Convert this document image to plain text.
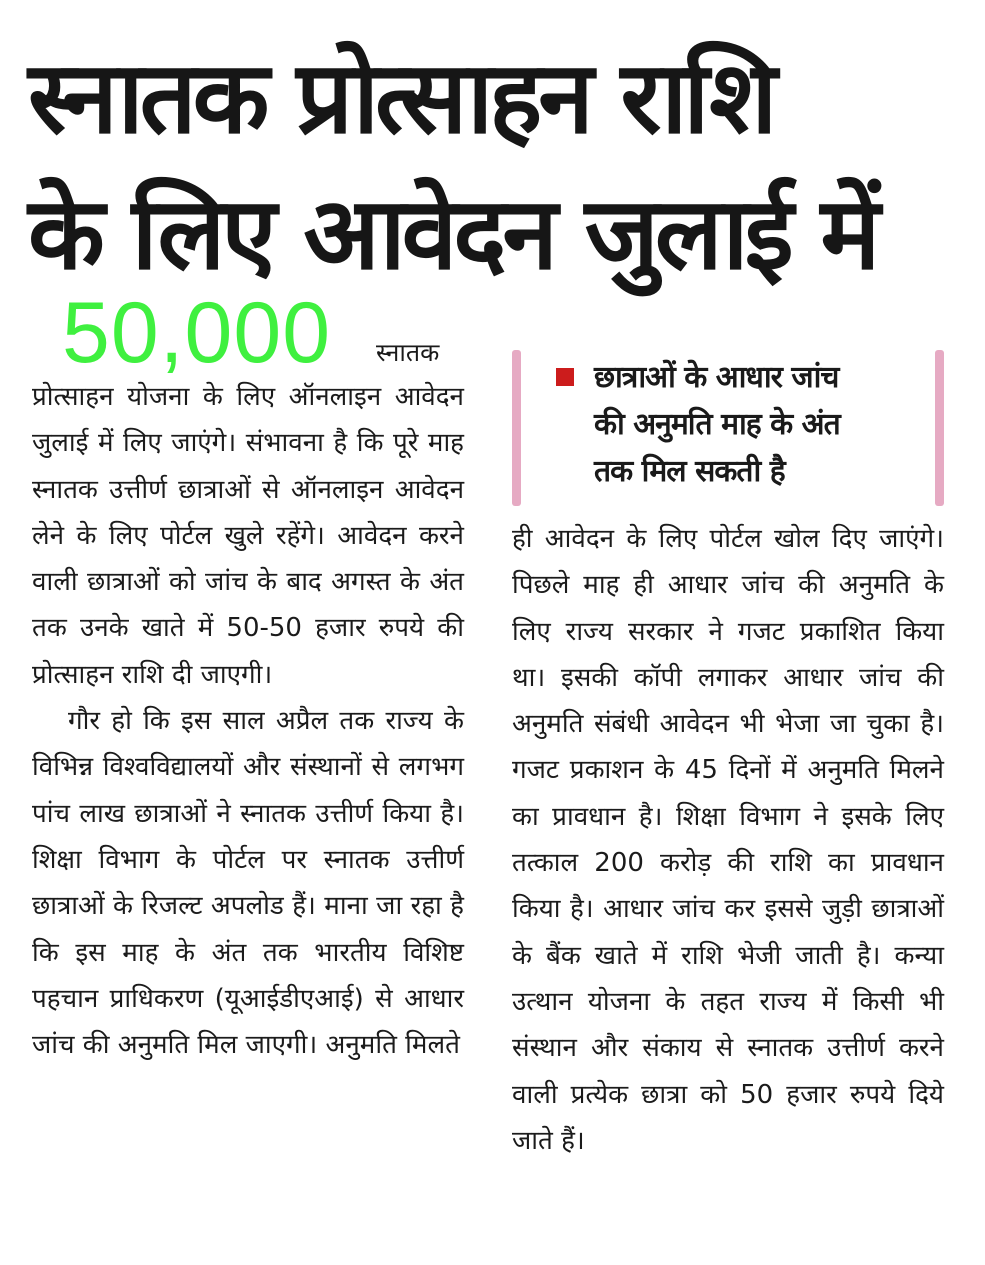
स्नातक प्रोत्साहन राशि
के लिए आवेदन जुलाई में
50,000 स्नातक

प्रोत्साहन योजना के लिए ऑनलाइन आवेदन जुलाई में लिए जाएंगे। संभावना है कि पूरे माह स्नातक उत्तीर्ण छात्राओं से ऑनलाइन आवेदन लेने के लिए पोर्टल खुले रहेंगे। आवेदन करने वाली छात्राओं को जांच के बाद अगस्त के अंत तक उनके खाते में 50-50 हजार रुपये की प्रोत्साहन राशि दी जाएगी।

गौर हो कि इस साल अप्रैल तक राज्य के विभिन्न विश्वविद्यालयों और संस्थानों से लगभग पांच लाख छात्राओं ने स्नातक उत्तीर्ण किया है। शिक्षा विभाग के पोर्टल पर स्नातक उत्तीर्ण छात्राओं के रिजल्ट अपलोड हैं। माना जा रहा है कि इस माह के अंत तक भारतीय विशिष्ट पहचान प्राधिकरण (यूआईडीएआई) से आधार जांच की अनुमति मिल जाएगी। अनुमति मिलते

छात्राओं के आधार जांच
की अनुमति माह के अंत
तक मिल सकती है

ही आवेदन के लिए पोर्टल खोल दिए जाएंगे। पिछले माह ही आधार जांच की अनुमति के लिए राज्य सरकार ने गजट प्रकाशित किया था। इसकी कॉपी लगाकर आधार जांच की अनुमति संबंधी आवेदन भी भेजा जा चुका है। गजट प्रकाशन के 45 दिनों में अनुमति मिलने का प्रावधान है। शिक्षा विभाग ने इसके लिए तत्काल 200 करोड़ की राशि का प्रावधान किया है। आधार जांच कर इससे जुड़ी छात्राओं के बैंक खाते में राशि भेजी जाती है। कन्या उत्थान योजना के तहत राज्य में किसी भी संस्थान और संकाय से स्नातक उत्तीर्ण करने वाली प्रत्येक छात्रा को 50 हजार रुपये दिये जाते हैं।
